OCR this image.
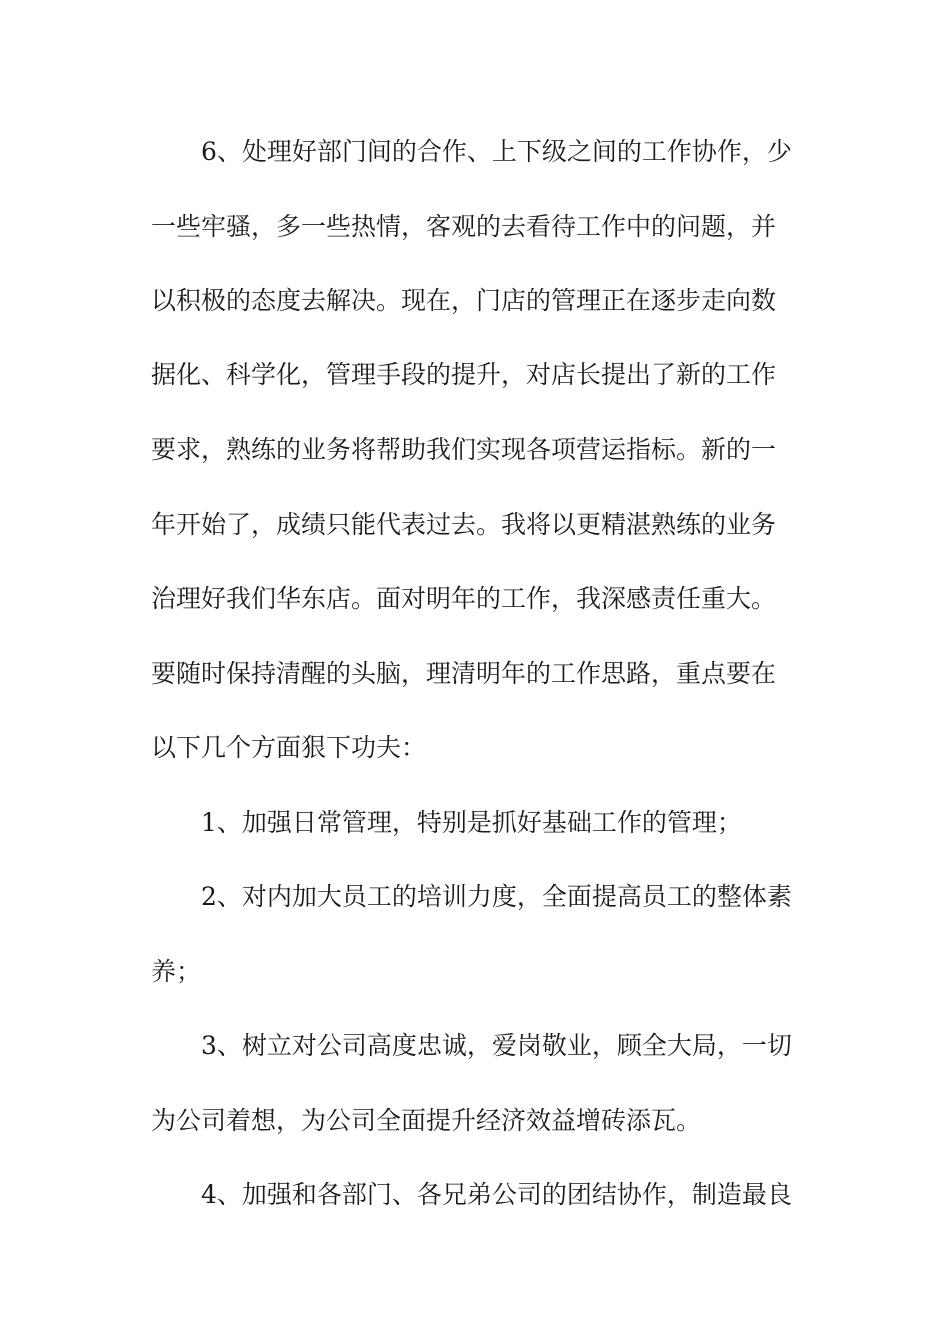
6、处理好部门间的合作、上下级之间的工作协作，少
一些牢骚，多一些热情，客观的去看待工作中的问题，并
以积极的态度去解决。现在，门店的管理正在逐步走向数
据化、科学化，管理手段的提升，对店长提出了新的工作
要求，熟练的业务将帮助我们实现各项营运指标。新的一
年开始了，成绩只能代表过去。我将以更精湛熟练的业务
治理好我们华东店。面对明年的工作，我深感责任重大。
要随时保持清醒的头脑，理清明年的工作思路，重点要在
以下几个方面狠下功夫：
1、加强日常管理，特别是抓好基础工作的管理；
2、对内加大员工的培训力度，全面提高员工的整体素
养；
3、树立对公司高度忠诚，爱岗敬业，顾全大局，一切
为公司着想，为公司全面提升经济效益增砖添瓦。
4、加强和各部门、各兄弟公司的团结协作，制造最良
